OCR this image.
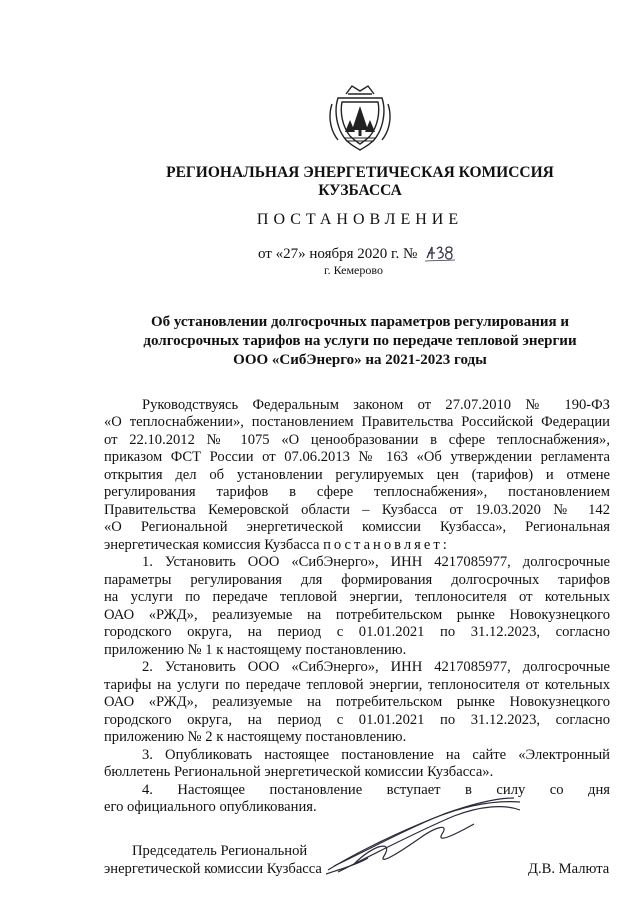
РЕГИОНАЛЬНАЯ ЭНЕРГЕТИЧЕСКАЯ КОМИССИЯ
КУЗБАССА
ПОСТАНОВЛЕНИЕ
от «27» ноября 2020 г. №
г. Кемерово
Об установлении долгосрочных параметров регулирования и
долгосрочных тарифов на услуги по передаче тепловой энергии
ООО «СибЭнерго» на 2021-2023 годы
Руководствуясь Федеральным законом от 27.07.2010 № 190-ФЗ
«О теплоснабжении», постановлением Правительства Российской Федерации
от 22.10.2012 № 1075 «О ценообразовании в сфере теплоснабжения»,
приказом ФСТ России от 07.06.2013 № 163 «Об утверждении регламента
открытия дел об установлении регулируемых цен (тарифов) и отмене
регулирования тарифов в сфере теплоснабжения», постановлением
Правительства Кемеровской области – Кузбасса от 19.03.2020 № 142
«О Региональной энергетической комиссии Кузбасса», Региональная
энергетическая комиссия Кузбасса постановляет:
1. Установить ООО «СибЭнерго», ИНН 4217085977, долгосрочные
параметры регулирования для формирования долгосрочных тарифов
на услуги по передаче тепловой энергии, теплоносителя от котельных
ОАО «РЖД», реализуемые на потребительском рынке Новокузнецкого
городского округа, на период с 01.01.2021 по 31.12.2023, согласно
приложению № 1 к настоящему постановлению.
2. Установить ООО «СибЭнерго», ИНН 4217085977, долгосрочные
тарифы на услуги по передаче тепловой энергии, теплоносителя от котельных
ОАО «РЖД», реализуемые на потребительском рынке Новокузнецкого
городского округа, на период с 01.01.2021 по 31.12.2023, согласно
приложению № 2 к настоящему постановлению.
3. Опубликовать настоящее постановление на сайте «Электронный
бюллетень Региональной энергетической комиссии Кузбасса».
4. Настоящее постановление вступает в силу со дня
его официального опубликования.
Председатель Региональной
энергетической комиссии Кузбасса	Д.В. Малюта
